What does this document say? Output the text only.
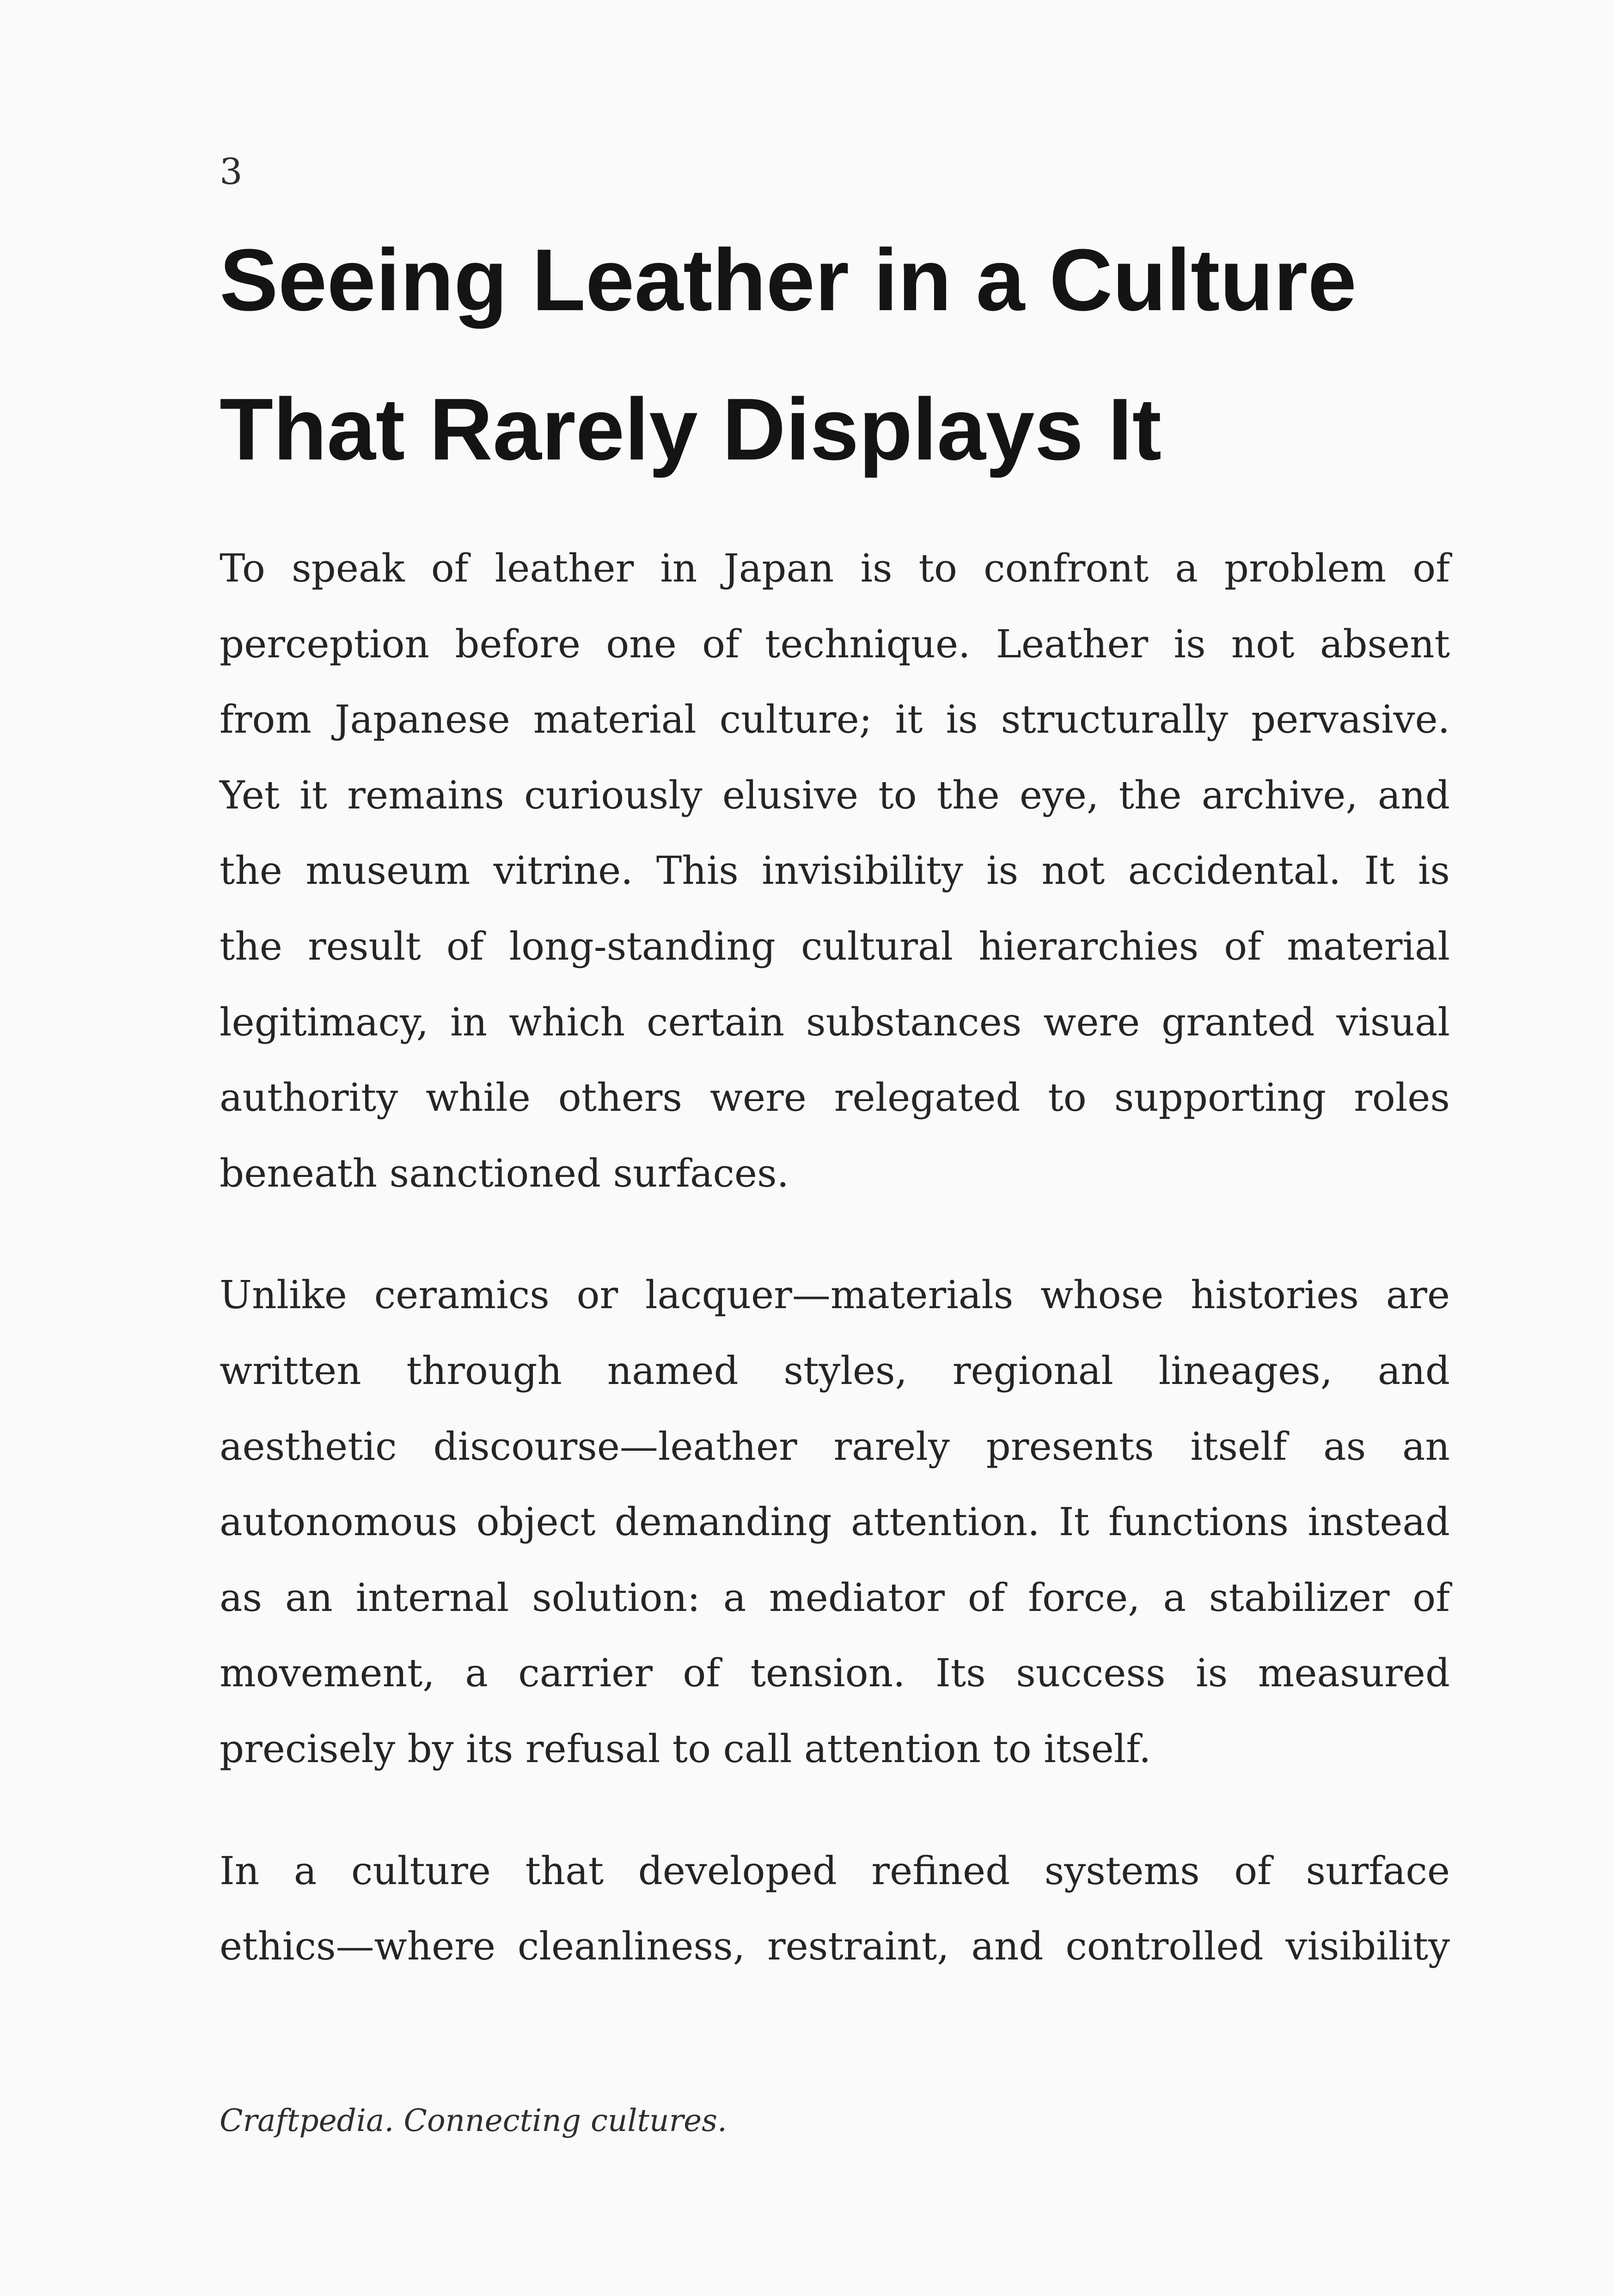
3
Seeing Leather in a Culture That Rarely Displays It
To speak of leather in Japan is to confront a problem of
perception before one of technique. Leather is not absent
from Japanese material culture; it is structurally pervasive.
Yet it remains curiously elusive to the eye, the archive, and
the museum vitrine. This invisibility is not accidental. It is
the result of long-standing cultural hierarchies of material
legitimacy, in which certain substances were granted visual
authority while others were relegated to supporting roles
beneath sanctioned surfaces.
Unlike ceramics or lacquer—materials whose histories are
written through named styles, regional lineages, and
aesthetic discourse—leather rarely presents itself as an
autonomous object demanding attention. It functions instead
as an internal solution: a mediator of force, a stabilizer of
movement, a carrier of tension. Its success is measured
precisely by its refusal to call attention to itself.
In a culture that developed refined systems of surface
ethics—where cleanliness, restraint, and controlled visibility
Craftpedia. Connecting cultures.
